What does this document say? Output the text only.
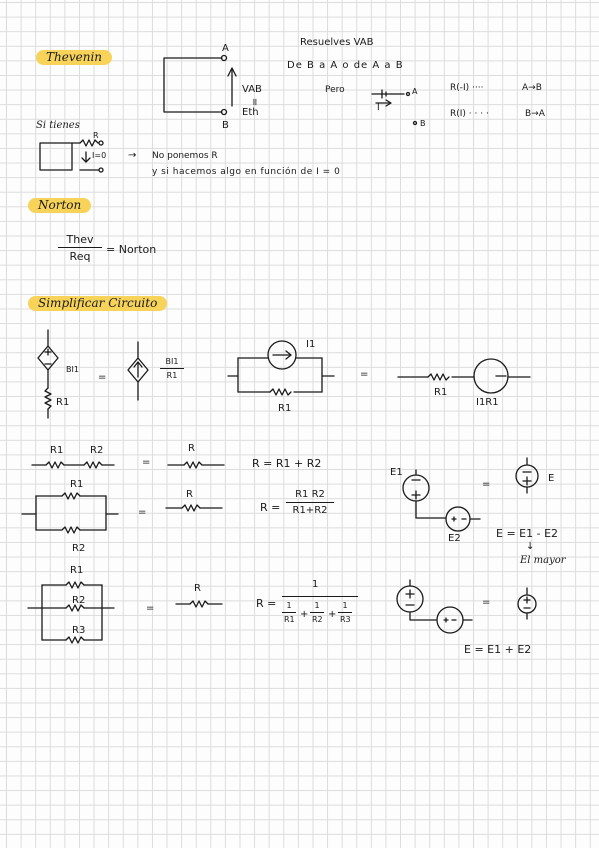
Thevenin
Norton
Simplificar Circuito
A
B
VAB
=
Eth
Resuelves VAB
De B a A o de A a B
Pero
I
A
B
R(-I) ····	A→B
R(I) · · · ·	B→A
Si tienes
R
I=0 → No ponemos R
y si hacemos algo en función de I = 0
Thev
Req
= Norton
BI1
R1
=	$\frac{BI1}{R1}$
I1
R1
=
R1
I1R1
R1	R2
=
R
R = R1 + R2
R1
R2
=
R
$R = \frac{R1 R2}{R1+R2}$
R1
R2
R3
=
R
R =
1
$\frac{1}{R1} + \frac{1}{R2} + \frac{1}{R3}$
E1
E2
=
E
E = E1 - E2
↓
El mayor
=
E = E1 + E2
